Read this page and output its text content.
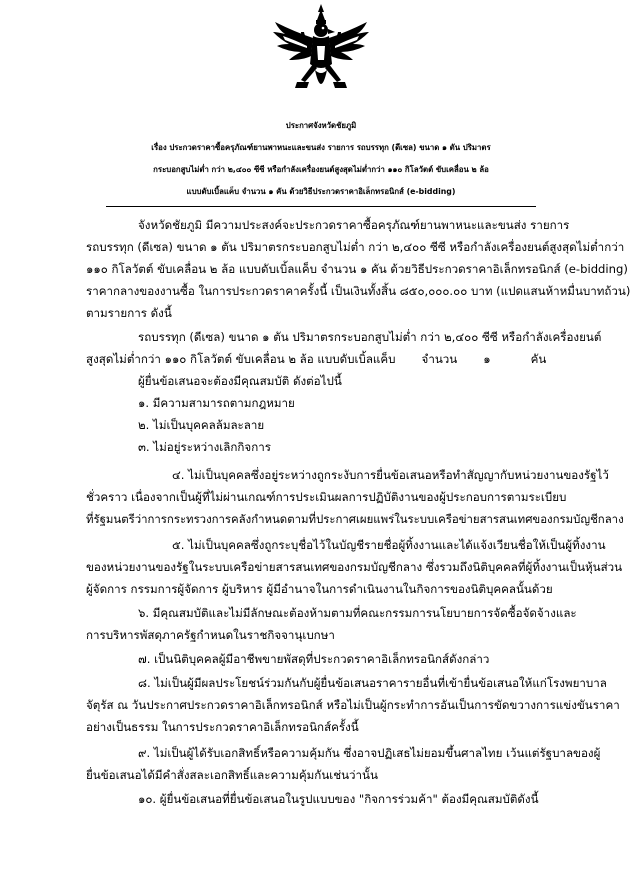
ประกาศจังหวัดชัยภูมิ
เรื่อง ประกวดราคาซื้อครุภัณฑ์ยานพาหนะและขนส่ง รายการ รถบรรทุก (ดีเซล) ขนาด ๑ ตัน ปริมาตร
กระบอกสูบไม่ต่ำ กว่า ๒,๔๐๐ ซีซี หรือกำลังเครื่องยนต์สูงสุดไม่ต่ำกว่า ๑๑๐ กิโลวัตต์ ขับเคลื่อน ๒ ล้อ
แบบดับเบิ้ลแค็บ จำนวน ๑ คัน ด้วยวิธีประกวดราคาอิเล็กทรอนิกส์ (e-bidding)
จังหวัดชัยภูมิ มีความประสงค์จะประกวดราคาซื้อครุภัณฑ์ยานพาหนะและขนส่ง รายการ
รถบรรทุก (ดีเซล) ขนาด ๑ ตัน ปริมาตรกระบอกสูบไม่ต่ำ กว่า ๒,๔๐๐ ซีซี หรือกำลังเครื่องยนต์สูงสุดไม่ต่ำกว่า
๑๑๐ กิโลวัตต์ ขับเคลื่อน ๒ ล้อ แบบดับเบิ้ลแค็บ จำนวน ๑ คัน ด้วยวิธีประกวดราคาอิเล็กทรอนิกส์ (e-bidding)
ราคากลางของงานซื้อ ในการประกวดราคาครั้งนี้ เป็นเงินทั้งสิ้น ๘๕๐,๐๐๐.๐๐ บาท (แปดแสนห้าหมื่นบาทถ้วน)
ตามรายการ ดังนี้
รถบรรทุก (ดีเซล) ขนาด ๑ ตัน ปริมาตรกระบอกสูบไม่ต่ำ กว่า ๒,๔๐๐ ซีซี หรือกำลังเครื่องยนต์
สูงสุดไม่ต่ำกว่า ๑๑๐ กิโลวัตต์ ขับเคลื่อน ๒ ล้อ แบบดับเบิ้ลแค็บ จำนวน ๑	คัน
ผู้ยื่นข้อเสนอจะต้องมีคุณสมบัติ ดังต่อไปนี้
๑. มีความสามารถตามกฎหมาย
๒. ไม่เป็นบุคคลล้มละลาย
๓. ไม่อยู่ระหว่างเลิกกิจการ
๔. ไม่เป็นบุคคลซึ่งอยู่ระหว่างถูกระงับการยื่นข้อเสนอหรือทำสัญญากับหน่วยงานของรัฐไว้
ชั่วคราว เนื่องจากเป็นผู้ที่ไม่ผ่านเกณฑ์การประเมินผลการปฏิบัติงานของผู้ประกอบการตามระเบียบ
ที่รัฐมนตรีว่าการกระทรวงการคลังกำหนดตามที่ประกาศเผยแพร่ในระบบเครือข่ายสารสนเทศของกรมบัญชีกลาง
๕. ไม่เป็นบุคคลซึ่งถูกระบุชื่อไว้ในบัญชีรายชื่อผู้ทิ้งงานและได้แจ้งเวียนชื่อให้เป็นผู้ทิ้งงาน
ของหน่วยงานของรัฐในระบบเครือข่ายสารสนเทศของกรมบัญชีกลาง ซึ่งรวมถึงนิติบุคคลที่ผู้ทิ้งงานเป็นหุ้นส่วน
ผู้จัดการ กรรมการผู้จัดการ ผู้บริหาร ผู้มีอำนาจในการดำเนินงานในกิจการของนิติบุคคลนั้นด้วย
๖. มีคุณสมบัติและไม่มีลักษณะต้องห้ามตามที่คณะกรรมการนโยบายการจัดซื้อจัดจ้างและ
การบริหารพัสดุภาครัฐกำหนดในราชกิจจานุเบกษา
๗. เป็นนิติบุคคลผู้มีอาชีพขายพัสดุที่ประกวดราคาอิเล็กทรอนิกส์ดังกล่าว
๘. ไม่เป็นผู้มีผลประโยชน์ร่วมกันกับผู้ยื่นข้อเสนอราคารายอื่นที่เข้ายื่นข้อเสนอให้แก่โรงพยาบาล
จัตุรัส ณ วันประกาศประกวดราคาอิเล็กทรอนิกส์ หรือไม่เป็นผู้กระทำการอันเป็นการขัดขวางการแข่งขันราคา
อย่างเป็นธรรม ในการประกวดราคาอิเล็กทรอนิกส์ครั้งนี้
๙. ไม่เป็นผู้ได้รับเอกสิทธิ์หรือความคุ้มกัน ซึ่งอาจปฏิเสธไม่ยอมขึ้นศาลไทย เว้นแต่รัฐบาลของผู้
ยื่นข้อเสนอได้มีคำสั่งสละเอกสิทธิ์และความคุ้มกันเช่นว่านั้น
๑๐. ผู้ยื่นข้อเสนอที่ยื่นข้อเสนอในรูปแบบของ "กิจการร่วมค้า" ต้องมีคุณสมบัติดังนี้
